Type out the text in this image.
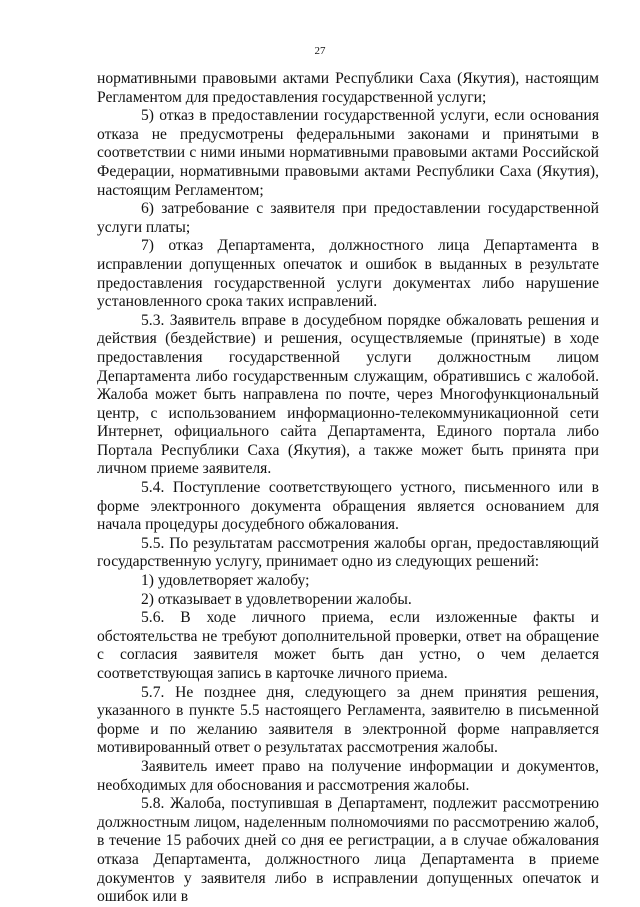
27

нормативными правовыми актами Республики Саха (Якутия), настоящим Регламентом для предоставления государственной услуги;

5) отказ в предоставлении государственной услуги, если основания отказа не предусмотрены федеральными законами и принятыми в соответствии с ними иными нормативными правовыми актами Российской Федерации, нормативными правовыми актами Республики Саха (Якутия), настоящим Регламентом;

6) затребование с заявителя при предоставлении государственной услуги платы;

7) отказ Департамента, должностного лица Департамента в исправлении допущенных опечаток и ошибок в выданных в результате предоставления государственной услуги документах либо нарушение установленного срока таких исправлений.

5.3. Заявитель вправе в досудебном порядке обжаловать решения и действия (бездействие) и решения, осуществляемые (принятые) в ходе предоставления государственной услуги должностным лицом Департамента либо государственным служащим, обратившись с жалобой. Жалоба может быть направлена по почте, через Многофункциональный центр, с использованием информационно-телекоммуникационной сети Интернет, официального сайта Департамента, Единого портала либо Портала Республики Саха (Якутия), а также может быть принята при личном приеме заявителя.

5.4. Поступление соответствующего устного, письменного или в форме электронного документа обращения является основанием для начала процедуры досудебного обжалования.

5.5. По результатам рассмотрения жалобы орган, предоставляющий государственную услугу, принимает одно из следующих решений:

1) удовлетворяет жалобу;

2) отказывает в удовлетворении жалобы.

5.6. В ходе личного приема, если изложенные факты и обстоятельства не требуют дополнительной проверки, ответ на обращение с согласия заявителя может быть дан устно, о чем делается соответствующая запись в карточке личного приема.

5.7. Не позднее дня, следующего за днем принятия решения, указанного в пункте 5.5 настоящего Регламента, заявителю в письменной форме и по желанию заявителя в электронной форме направляется мотивированный ответ о результатах рассмотрения жалобы.

Заявитель имеет право на получение информации и документов, необходимых для обоснования и рассмотрения жалобы.

5.8. Жалоба, поступившая в Департамент, подлежит рассмотрению должностным лицом, наделенным полномочиями по рассмотрению жалоб, в течение 15 рабочих дней со дня ее регистрации, а в случае обжалования отказа Департамента, должностного лица Департамента в приеме документов у заявителя либо в исправлении допущенных опечаток и ошибок или в
